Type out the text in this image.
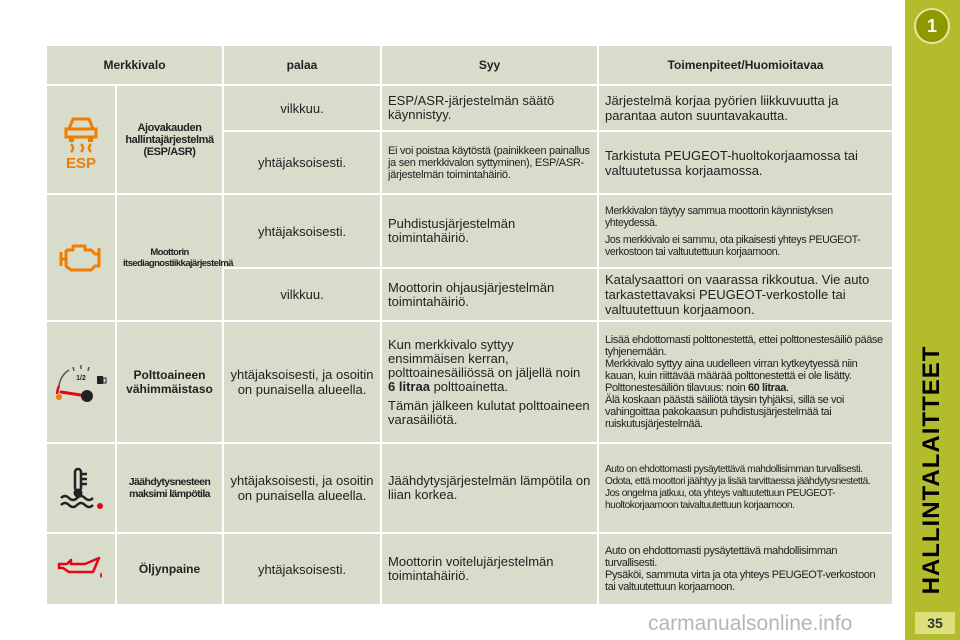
Merkkivalo		palaa	Syy	Toimenpiteet/Huomioitavaa

ESP	Ajovakauden hallintajärjestelmä (ESP/ASR)	vilkkuu.	ESP/ASR-järjestelmän säätö käynnistyy.	Järjestelmä korjaa pyörien liikkuvuutta ja parantaa auton suuntavakautta.
		yhtäjaksoisesti.	Ei voi poistaa käytöstä (painikkeen painallus ja sen merkkivalon syttyminen), ESP/ASR-järjestelmän toimintahäiriö.	Tarkistuta PEUGEOT-huoltokorjaamossa tai valtuutetussa korjaamossa.

	Moottorin itsediagnostiikkajärjestelmä	yhtäjaksoisesti.	Puhdistusjärjestelmän toimintahäiriö.	Merkkivalon täytyy sammua moottorin käynnistyksen yhteydessä.
Jos merkkivalo ei sammu, ota pikaisesti yhteys PEUGEOT-verkostoon tai valtuutettuun korjaamoon.

		vilkkuu.	Moottorin ohjausjärjestelmän toimintahäiriö.	Katalysaattori on vaarassa rikkoutua. Vie auto tarkastettavaksi PEUGEOT-verkostolle tai valtuutettuun korjaamoon.

1/2	Polttoaineen vähimmäistaso	yhtäjaksoisesti, ja osoitin on punaisella alueella.	Kun merkkivalo syttyy ensimmäisen kerran, polttoainesäiliössä on jäljellä noin 6 litraa polttoainetta.
Tämän jälkeen kulutat polttoaineen varasäiliötä.	Lisää ehdottomasti polttonestettä, ettei polttonestesäiliö pääse tyhjenemään.
Merkkivalo syttyy aina uudelleen virran kytkeytyessä niin kauan, kuin riittävää määrää polttonestettä ei ole lisätty.
Polttonestesäiliön tilavuus: noin 60 litraa.
Älä koskaan päästä säiliötä täysin tyhjäksi, sillä se voi vahingoittaa pakokaasun puhdistusjärjestelmää tai ruiskutusjärjestelmää.

	Jäähdytysnesteen maksimi lämpötila	yhtäjaksoisesti, ja osoitin on punaisella alueella.	Jäähdytysjärjestelmän lämpötila on liian korkea.	Auto on ehdottomasti pysäytettävä mahdollisimman turvallisesti.
Odota, että moottori jäähtyy ja lisää tarvittaessa jäähdytysnestettä.
Jos ongelma jatkuu, ota yhteys valtuutettuun PEUGEOT-huoltokorjaamoon taivaltuutettuun korjaamoon.

	Öljynpaine	yhtäjaksoisesti.	Moottorin voitelujärjestelmän toimintahäiriö.	Auto on ehdottomasti pysäytettävä mahdollisimman turvallisesti.
Pysäköi, sammuta virta ja ota yhteys PEUGEOT-verkostoon tai valtuutettuun korjaamoon.
1
HALLINTALAITTEET
carmanualsonline.info	35
